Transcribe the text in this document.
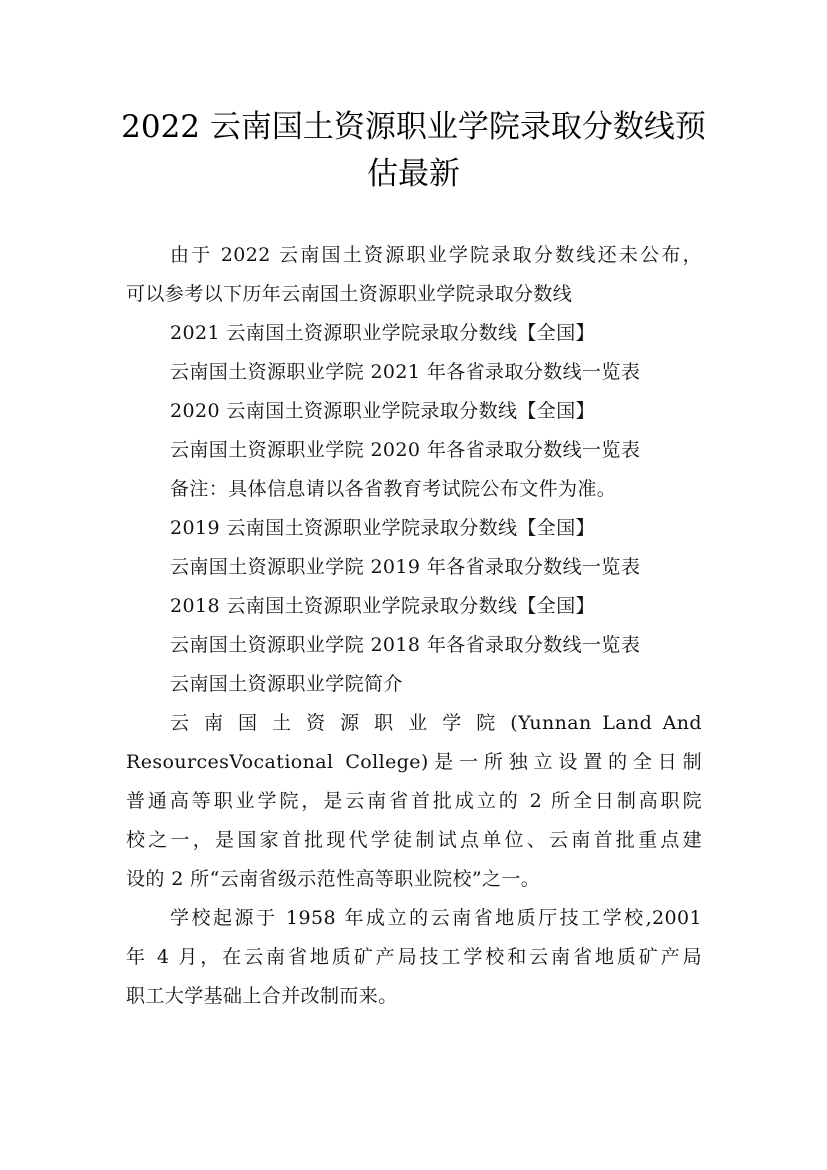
2022 云南国土资源职业学院录取分数线预
估最新
由于 2022 云南国土资源职业学院录取分数线还未公布，
可以参考以下历年云南国土资源职业学院录取分数线
2021 云南国土资源职业学院录取分数线【全国】
云南国土资源职业学院 2021 年各省录取分数线一览表
2020 云南国土资源职业学院录取分数线【全国】
云南国土资源职业学院 2020 年各省录取分数线一览表
备注：具体信息请以各省教育考试院公布文件为准。
2019 云南国土资源职业学院录取分数线【全国】
云南国土资源职业学院 2019 年各省录取分数线一览表
2018 云南国土资源职业学院录取分数线【全国】
云南国土资源职业学院 2018 年各省录取分数线一览表
云南国土资源职业学院简介
云 南 国 土 资 源 职 业 学 院 (Yunnan Land And
ResourcesVocational College)是一所独立设置的全日制
普通高等职业学院，是云南省首批成立的 2 所全日制高职院
校之一，是国家首批现代学徒制试点单位、云南首批重点建
设的 2 所“云南省级示范性高等职业院校”之一。
学校起源于 1958 年成立的云南省地质厅技工学校,2001
年 4 月，在云南省地质矿产局技工学校和云南省地质矿产局
职工大学基础上合并改制而来。
